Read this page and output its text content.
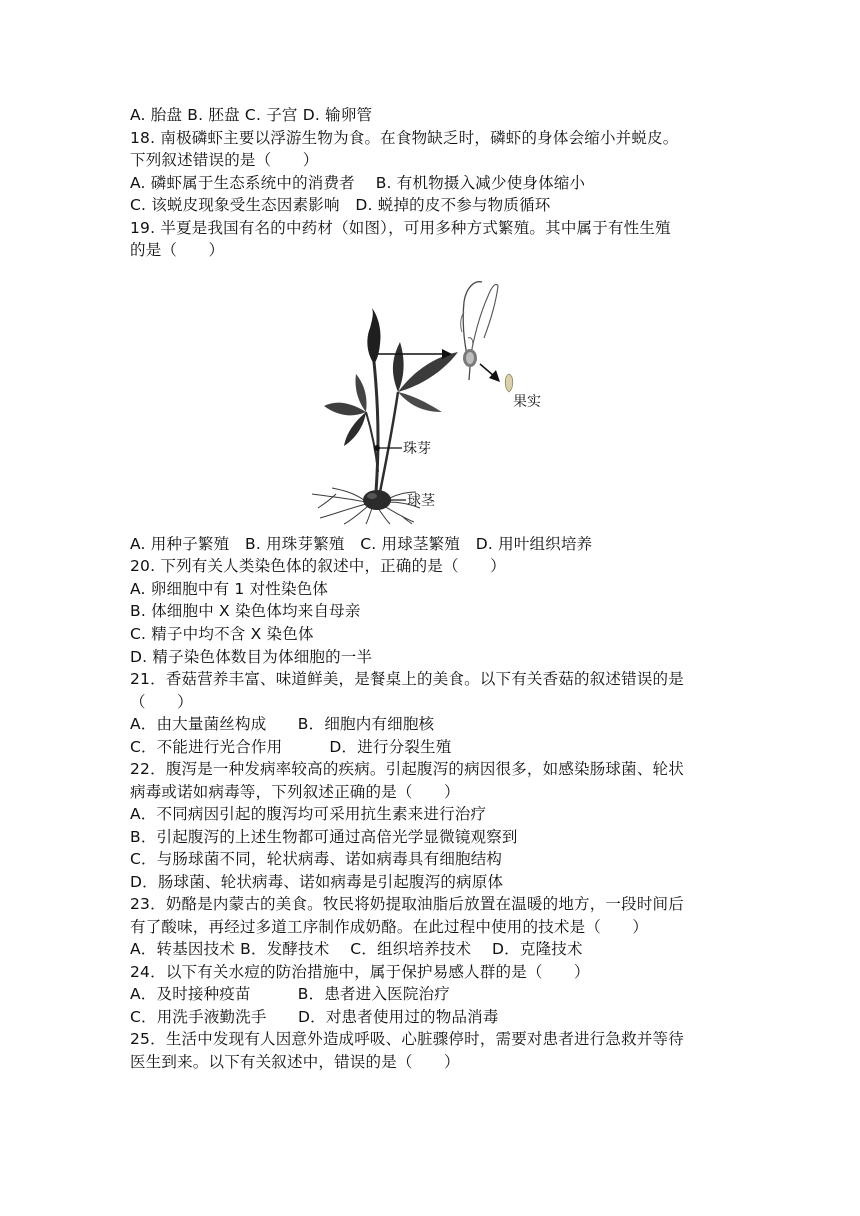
A. 胎盘 B. 胚盘 C. 子宫 D. 输卵管
18. 南极磷虾主要以浮游生物为食。在食物缺乏时，磷虾的身体会缩小并蜕皮。
下列叙述错误的是（　　）
A. 磷虾属于生态系统中的消费者　 B. 有机物摄入减少使身体缩小
C. 该蜕皮现象受生态因素影响　D. 蜕掉的皮不参与物质循环
19. 半夏是我国有名的中药材（如图），可用多种方式繁殖。其中属于有性生殖
的是（　　）
果实
珠芽
球茎
A. 用种子繁殖　B. 用珠芽繁殖　C. 用球茎繁殖　D. 用叶组织培养
20. 下列有关人类染色体的叙述中，正确的是（　　）
A. 卵细胞中有 1 对性染色体
B. 体细胞中 X 染色体均来自母亲
C. 精子中均不含 X 染色体
D. 精子染色体数目为体细胞的一半
21．香菇营养丰富、味道鲜美，是餐桌上的美食。以下有关香菇的叙述错误的是
（　　）
A．由大量菌丝构成　　B．细胞内有细胞核
C．不能进行光合作用　　　D．进行分裂生殖
22．腹泻是一种发病率较高的疾病。引起腹泻的病因很多，如感染肠球菌、轮状
病毒或诺如病毒等，下列叙述正确的是（　　）
A．不同病因引起的腹泻均可采用抗生素来进行治疗
B．引起腹泻的上述生物都可通过高倍光学显微镜观察到
C．与肠球菌不同，轮状病毒、诺如病毒具有细胞结构
D．肠球菌、轮状病毒、诺如病毒是引起腹泻的病原体
23．奶酪是内蒙古的美食。牧民将奶提取油脂后放置在温暖的地方，一段时间后
有了酸味，再经过多道工序制作成奶酪。在此过程中使用的技术是（　　）
A．转基因技术 B．发酵技术　 C．组织培养技术　 D．克隆技术
24．以下有关水痘的防治措施中，属于保护易感人群的是（　　）
A．及时接种疫苗　　　B．患者进入医院治疗
C．用洗手液勤洗手　　D．对患者使用过的物品消毒
25．生活中发现有人因意外造成呼吸、心脏骤停时，需要对患者进行急救并等待
医生到来。以下有关叙述中，错误的是（　　）
